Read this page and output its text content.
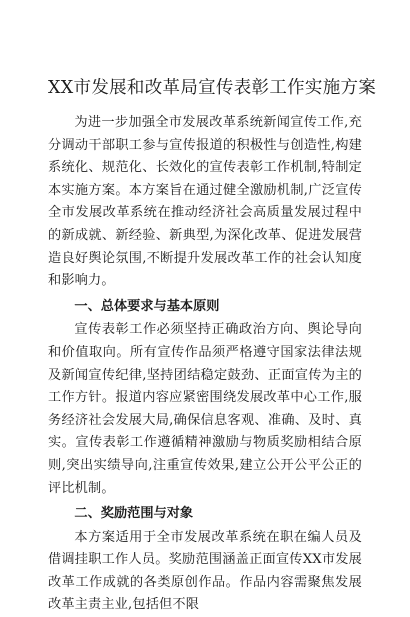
XX市发展和改革局宣传表彰工作实施方案

为进一步加强全市发展改革系统新闻宣传工作,充分调动干部职工参与宣传报道的积极性与创造性,构建系统化、规范化、长效化的宣传表彰工作机制,特制定本实施方案。本方案旨在通过健全激励机制,广泛宣传全市发展改革系统在推动经济社会高质量发展过程中的新成就、新经验、新典型,为深化改革、促进发展营造良好舆论氛围,不断提升发展改革工作的社会认知度和影响力。

一、总体要求与基本原则

宣传表彰工作必须坚持正确政治方向、舆论导向和价值取向。所有宣传作品须严格遵守国家法律法规及新闻宣传纪律,坚持团结稳定鼓劲、正面宣传为主的工作方针。报道内容应紧密围绕发展改革中心工作,服务经济社会发展大局,确保信息客观、准确、及时、真实。宣传表彰工作遵循精神激励与物质奖励相结合原则,突出实绩导向,注重宣传效果,建立公开公平公正的评比机制。

二、奖励范围与对象

本方案适用于全市发展改革系统在职在编人员及借调挂职工作人员。奖励范围涵盖正面宣传XX市发展改革工作成就的各类原创作品。作品内容需聚焦发展改革主责主业,包括但不限
